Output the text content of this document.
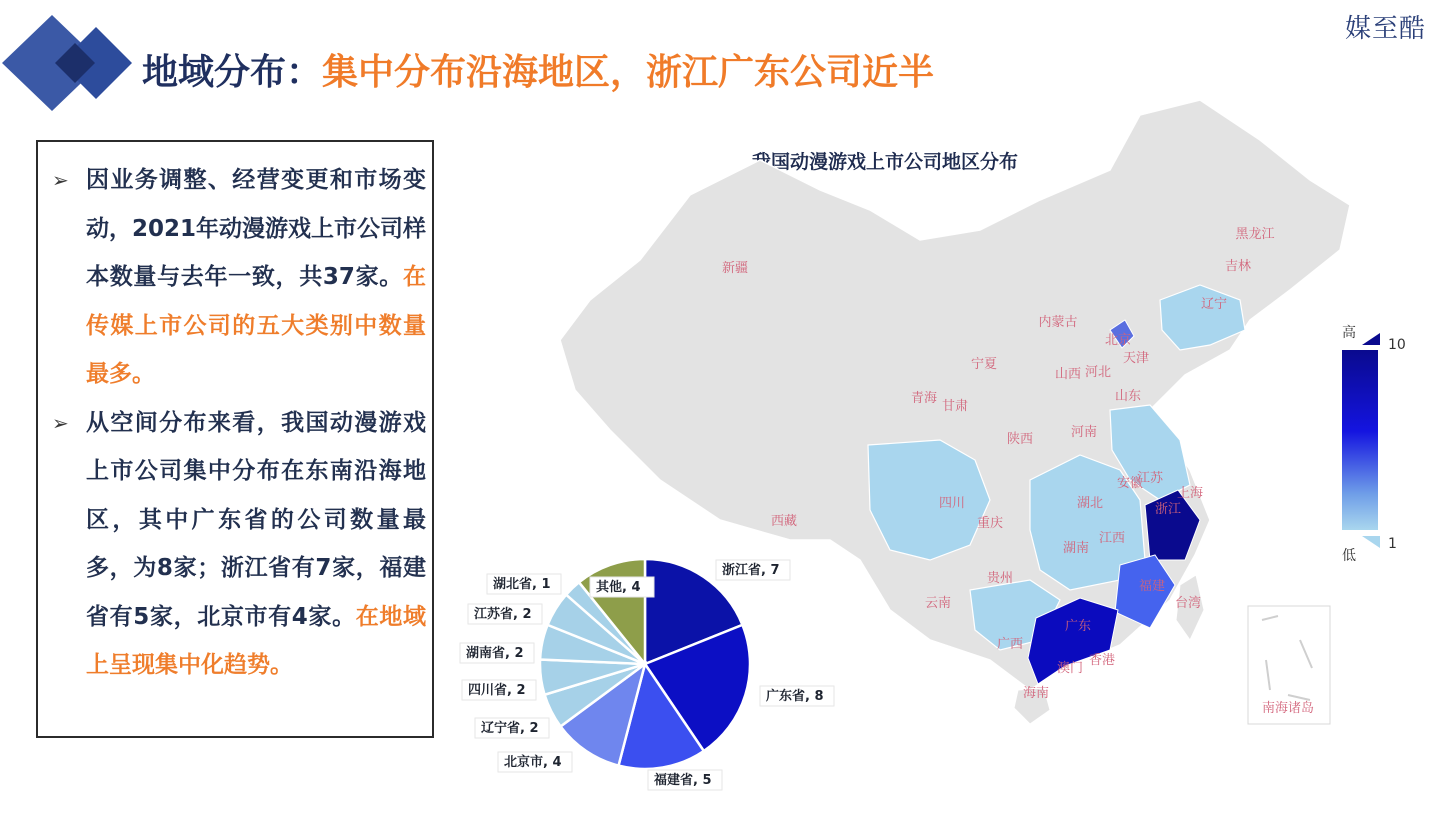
媒至酷
地域分布：集中分布沿海地区，浙江广东公司近半
➢ 因业务调整、经营变更和市场变动，2021年动漫游戏上市公司样本数量与去年一致，共37家。在传媒上市公司的五大类别中数量最多。
➢ 从空间分布来看，我国动漫游戏上市公司集中分布在东南沿海地区，其中广东省的公司数量最多，为8家；浙江省有7家，福建省有5家，北京市有4家。在地域上呈现集中化趋势。
我国动漫游戏上市公司地区分布
高
低
10
1
新疆
西藏
青海
甘肃
宁夏
内蒙古
黑龙江
吉林
辽宁
北京
天津
河北
山西
山东
陕西	河南
四川
重庆
湖北
安徽
江苏
上海
浙江
湖南
江西
福建
贵州
云南
广西
广东
台湾
香港
澳门
海南
南海诸岛
浙江省, 7
广东省, 8
福建省, 5
北京市, 4
辽宁省, 2
四川省, 2
湖南省, 2
江苏省, 2
湖北省, 1	其他, 4
